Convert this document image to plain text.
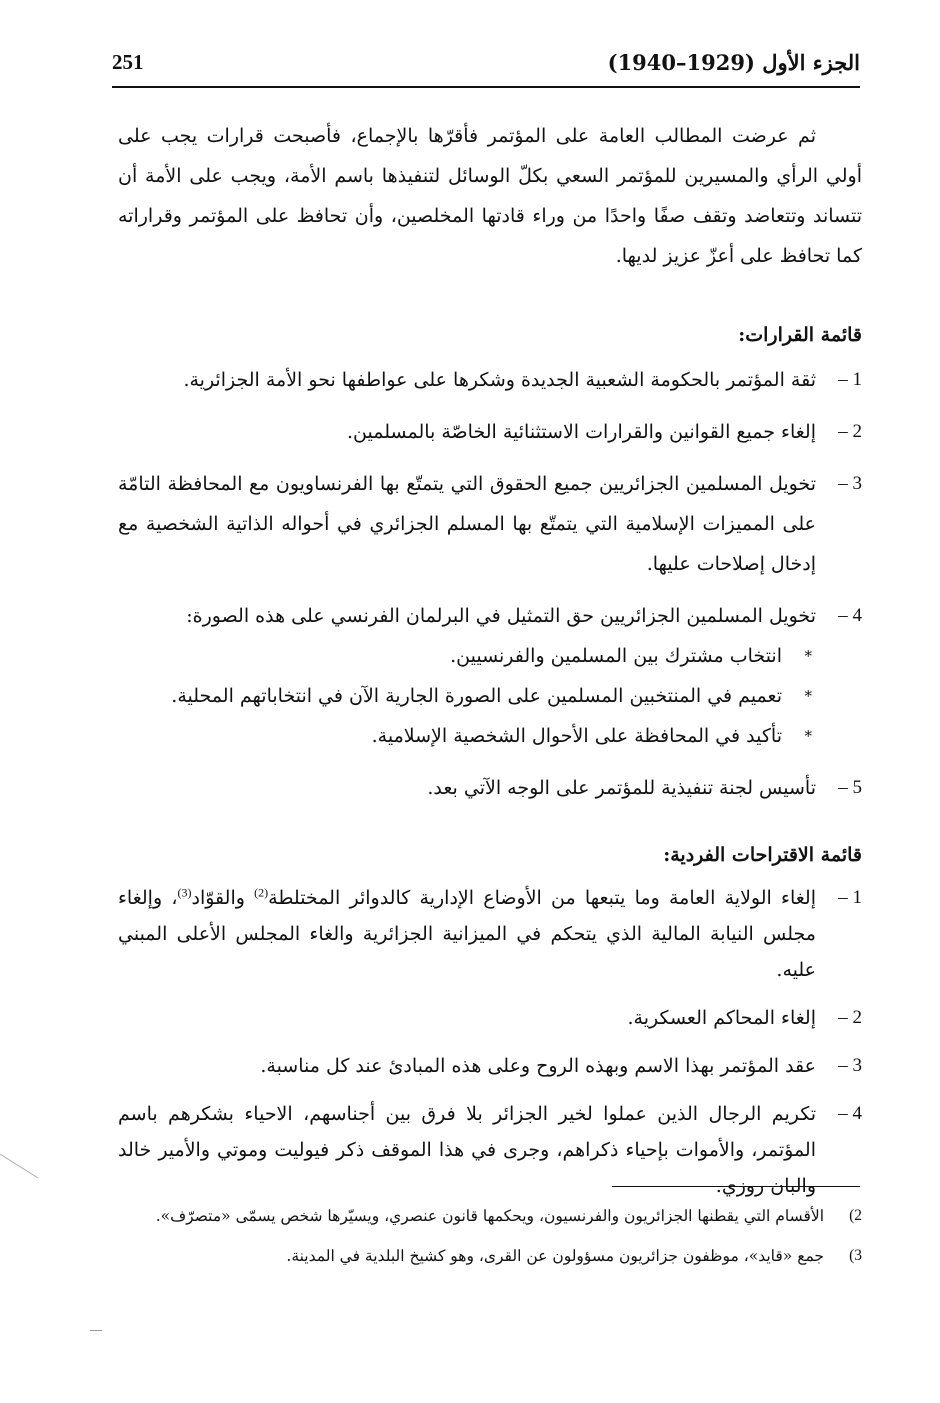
251	الجزء الأول (1929–1940)

ثم عرضت المطالب العامة على المؤتمر فأقرّها بالإجماع، فأصبحت قرارات يجب على أولي الرأي والمسيرين للمؤتمر السعي بكلّ الوسائل لتنفيذها باسم الأمة، ويجب على الأمة أن تتساند وتتعاضد وتقف صفًا واحدًا من وراء قادتها المخلصين، وأن تحافظ على المؤتمر وقراراته كما تحافظ على أعزّ عزيز لديها.

قائمة القرارات:
1 –
ثقة المؤتمر بالحكومة الشعبية الجديدة وشكرها على عواطفها نحو الأمة الجزائرية.
2 –
إلغاء جميع القوانين والقرارات الاستثنائية الخاصّة بالمسلمين.
3 –
تخويل المسلمين الجزائريين جميع الحقوق التي يتمتّع بها الفرنساويون مع المحافظة التامّة على المميزات الإسلامية التي يتمتّع بها المسلم الجزائري في أحواله الذاتية الشخصية مع إدخال إصلاحات عليها.
4 –
تخويل المسلمين الجزائريين حق التمثيل في البرلمان الفرنسي على هذه الصورة:
*
انتخاب مشترك بين المسلمين والفرنسيين.
*
تعميم في المنتخبين المسلمين على الصورة الجارية الآن في انتخاباتهم المحلية.
*
تأكيد في المحافظة على الأحوال الشخصية الإسلامية.
5 –
تأسيس لجنة تنفيذية للمؤتمر على الوجه الآتي بعد.
قائمة الاقتراحات الفردية:
1 –
إلغاء الولاية العامة وما يتبعها من الأوضاع الإدارية كالدوائر المختلطة$^{(2)}$ والقوّاد$^{(3)}$، وإلغاء مجلس النيابة المالية الذي يتحكم في الميزانية الجزائرية والغاء المجلس الأعلى المبني عليه.
2 –
إلغاء المحاكم العسكرية.
3 –
عقد المؤتمر بهذا الاسم وبهذه الروح وعلى هذه المبادئ عند كل مناسبة.
4 –
تكريم الرجال الذين عملوا لخير الجزائر بلا فرق بين أجناسهم، الاحياء بشكرهم باسم المؤتمر، والأموات بإحياء ذكراهم، وجرى في هذا الموقف ذكر فيوليت وموتي والأمير خالد والبان روزي.
2)
الأقسام التي يقطنها الجزائريون والفرنسيون، ويحكمها قانون عنصري، ويسيّرها شخص يسمّى «متصرّف».
3)
جمع «قايد»، موظفون جزائريون مسؤولون عن القرى، وهو كشيخ البلدية في المدينة.
